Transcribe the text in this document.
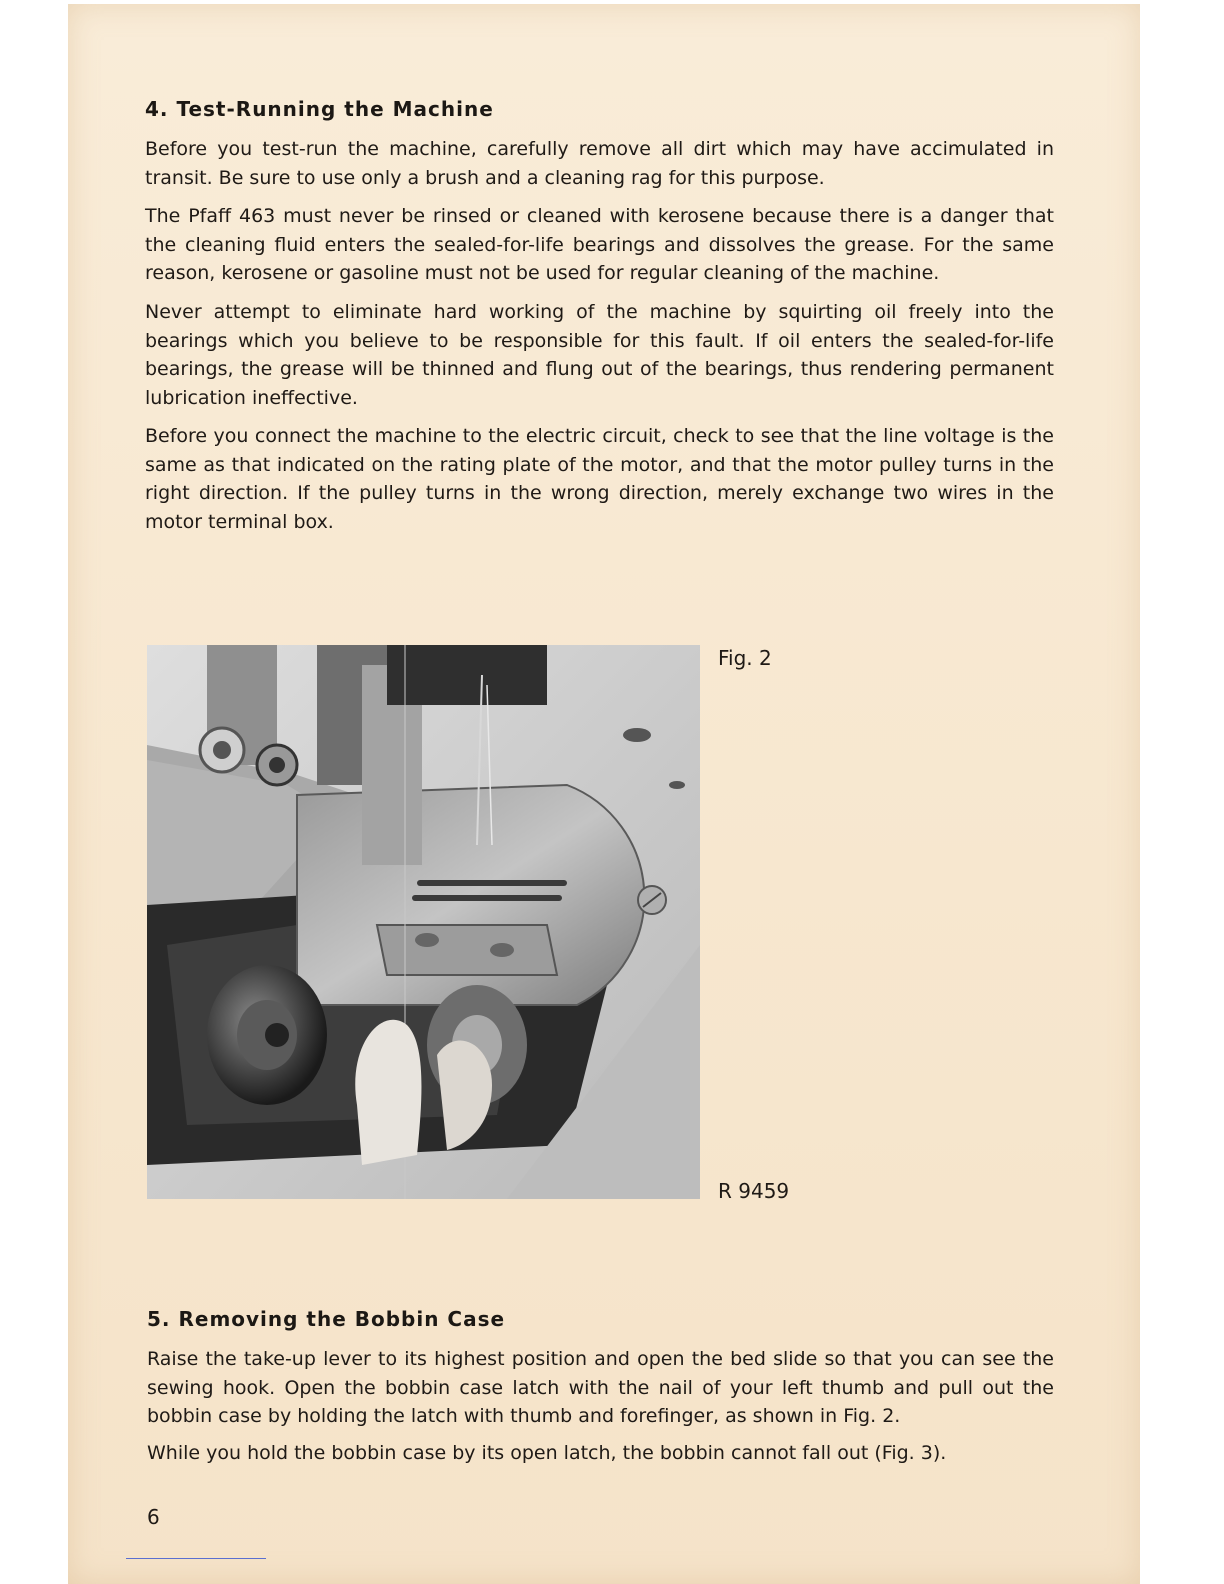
4. Test-Running the Machine

Before you test-run the machine, carefully remove all dirt which may have accimulated in transit. Be sure to use only a brush and a cleaning rag for this purpose.

The Pfaff 463 must never be rinsed or cleaned with kerosene because there is a danger that the cleaning fluid enters the sealed-for-life bearings and dissolves the grease. For the same reason, kerosene or gasoline must not be used for regular cleaning of the machine.

Never attempt to eliminate hard working of the machine by squirting oil freely into the bearings which you believe to be responsible for this fault. If oil enters the sealed-for-life bearings, the grease will be thinned and flung out of the bearings, thus rendering permanent lubrication ineffective.

Before you connect the machine to the electric circuit, check to see that the line voltage is the same as that indicated on the rating plate of the motor, and that the motor pulley turns in the right direction. If the pulley turns in the wrong direction, merely exchange two wires in the motor terminal box.

Fig. 2
R 9459
5. Removing the Bobbin Case

Raise the take-up lever to its highest position and open the bed slide so that you can see the sewing hook. Open the bobbin case latch with the nail of your left thumb and pull out the bobbin case by holding the latch with thumb and forefinger, as shown in Fig. 2.

While you hold the bobbin case by its open latch, the bobbin cannot fall out (Fig. 3).

6
